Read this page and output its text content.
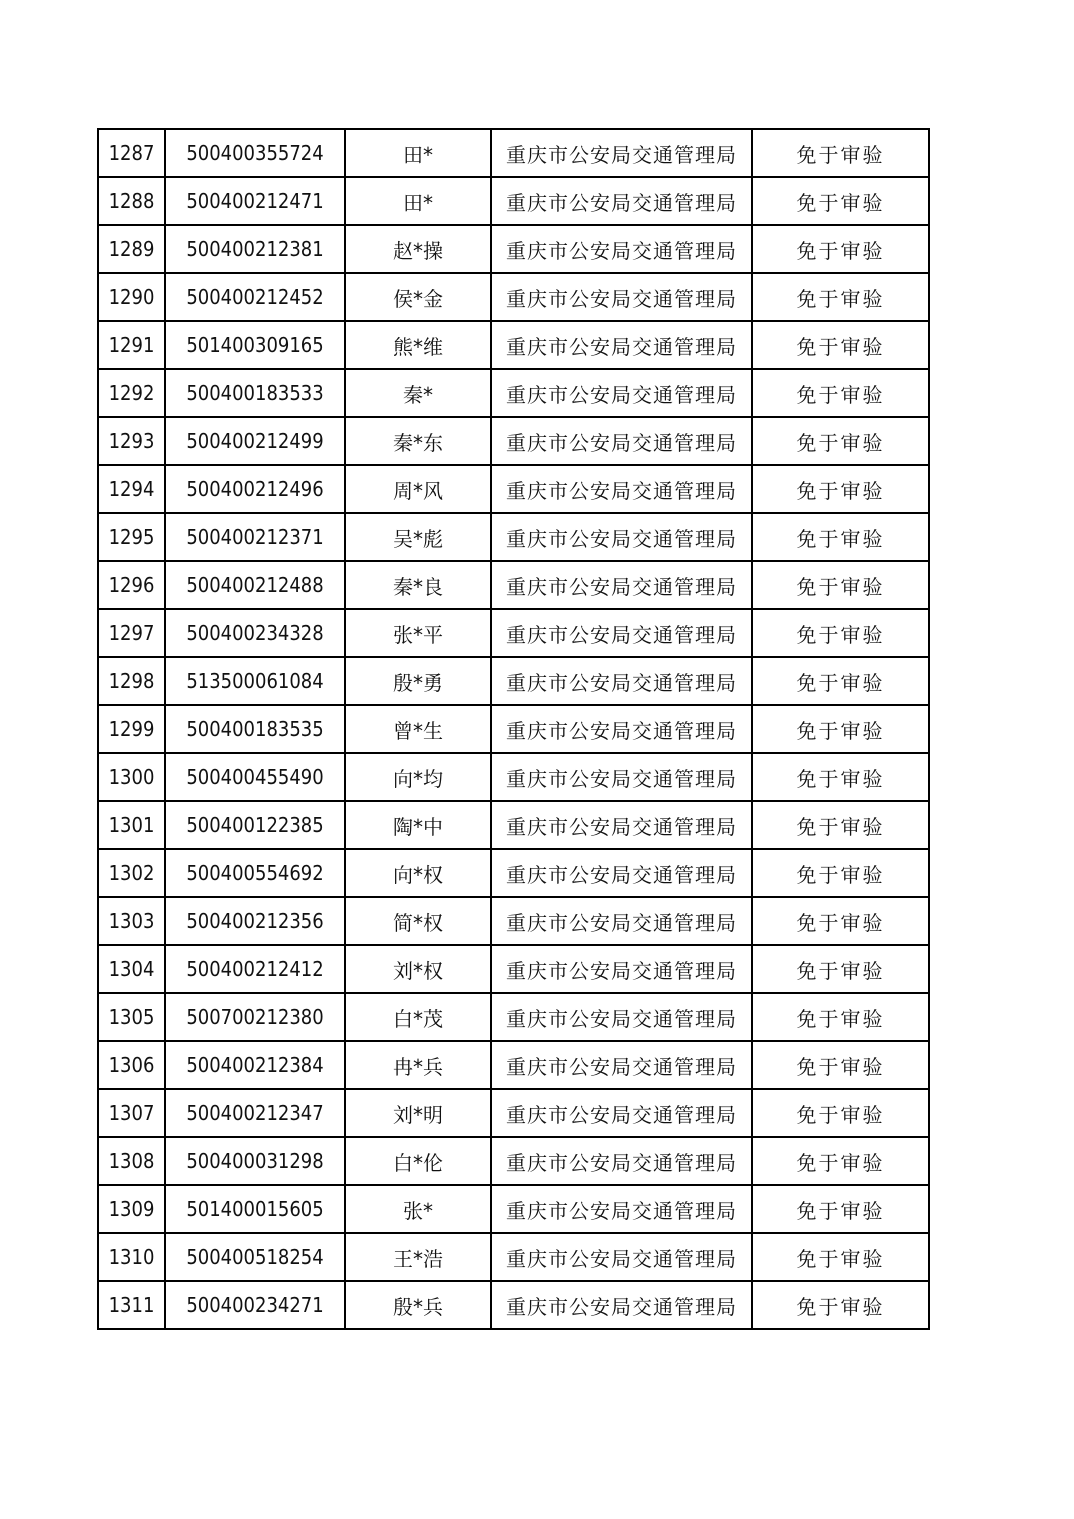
1287	500400355724	田*	重庆市公安局交通管理局	免于审验
1288	500400212471	田*	重庆市公安局交通管理局	免于审验
1289	500400212381	赵*操	重庆市公安局交通管理局	免于审验
1290	500400212452	侯*金	重庆市公安局交通管理局	免于审验
1291	501400309165	熊*维	重庆市公安局交通管理局	免于审验
1292	500400183533	秦*	重庆市公安局交通管理局	免于审验
1293	500400212499	秦*东	重庆市公安局交通管理局	免于审验
1294	500400212496	周*风	重庆市公安局交通管理局	免于审验
1295	500400212371	吴*彪	重庆市公安局交通管理局	免于审验
1296	500400212488	秦*良	重庆市公安局交通管理局	免于审验
1297	500400234328	张*平	重庆市公安局交通管理局	免于审验
1298	513500061084	殷*勇	重庆市公安局交通管理局	免于审验
1299	500400183535	曾*生	重庆市公安局交通管理局	免于审验
1300	500400455490	向*均	重庆市公安局交通管理局	免于审验
1301	500400122385	陶*中	重庆市公安局交通管理局	免于审验
1302	500400554692	向*权	重庆市公安局交通管理局	免于审验
1303	500400212356	简*权	重庆市公安局交通管理局	免于审验
1304	500400212412	刘*权	重庆市公安局交通管理局	免于审验
1305	500700212380	白*茂	重庆市公安局交通管理局	免于审验
1306	500400212384	冉*兵	重庆市公安局交通管理局	免于审验
1307	500400212347	刘*明	重庆市公安局交通管理局	免于审验
1308	500400031298	白*伦	重庆市公安局交通管理局	免于审验
1309	501400015605	张*	重庆市公安局交通管理局	免于审验
1310	500400518254	王*浩	重庆市公安局交通管理局	免于审验
1311	500400234271	殷*兵	重庆市公安局交通管理局	免于审验
